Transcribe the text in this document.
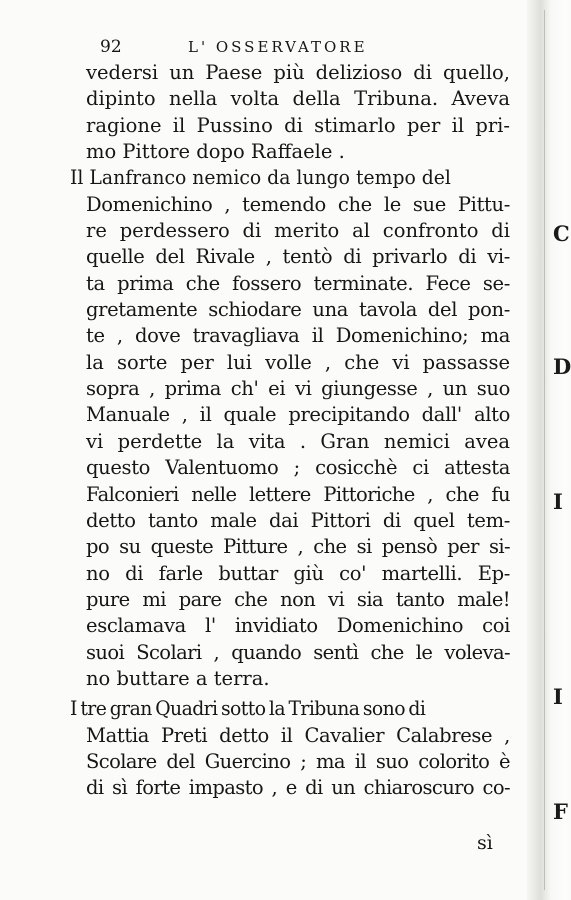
C
D
I
I
F
92	L' OSSERVATORE
vedersi un Paese più delizioso di quello,
dipinto nella volta della Tribuna. Aveva
ragione il Pussino di stimarlo per il pri-
mo Pittore dopo Raffaele .
Il Lanfranco nemico da lungo tempo del
Domenichino , temendo che le sue Pittu-
re perdessero di merito al confronto di
quelle del Rivale , tentò di privarlo di vi-
ta prima che fossero terminate. Fece se-
gretamente schiodare una tavola del pon-
te , dove travagliava il Domenichino; ma
la sorte per lui volle , che vi passasse
sopra , prima ch' ei vi giungesse , un suo
Manuale , il quale precipitando dall' alto
vi perdette la vita . Gran nemici avea
questo Valentuomo ; cosicchè ci attesta
Falconieri nelle lettere Pittoriche , che fu
detto tanto male dai Pittori di quel tem-
po su queste Pitture , che si pensò per si-
no di farle buttar giù co' martelli. Ep-
pure mi pare che non vi sia tanto male!
esclamava l' invidiato Domenichino coi
suoi Scolari , quando sentì che le voleva-
no buttare a terra.
I tre gran Quadri sotto la Tribuna sono di
Mattia Preti detto il Cavalier Calabrese ,
Scolare del Guercino ; ma il suo colorito è
di sì forte impasto , e di un chiaroscuro co-
sì
